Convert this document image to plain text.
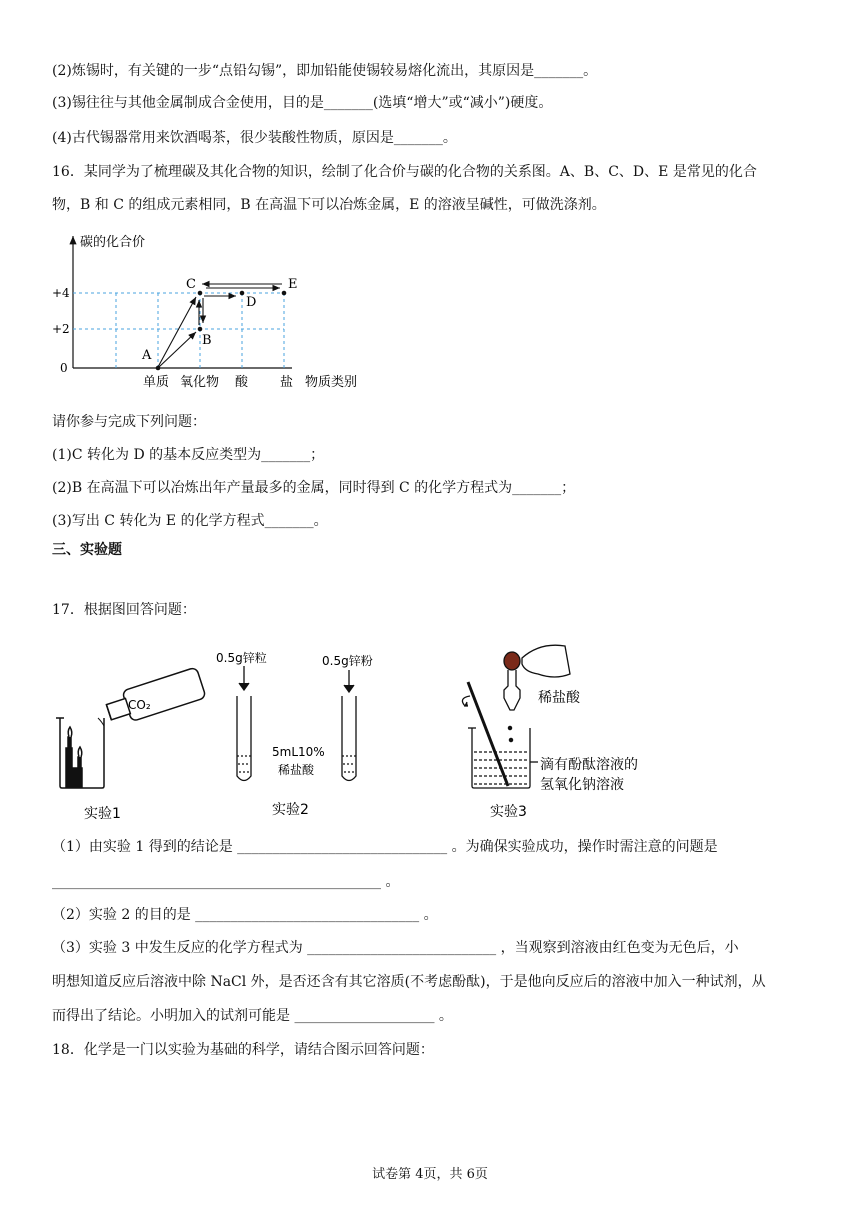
(2)炼锡时，有关键的一步“点铅勾锡”，即加铅能使锡较易熔化流出，其原因是_______。
(3)锡往往与其他金属制成合金使用，目的是_______(选填“增大”或“减小”)硬度。
(4)古代锡器常用来饮酒喝茶，很少装酸性物质，原因是_______。
16．某同学为了梳理碳及其化合物的知识，绘制了化合价与碳的化合物的关系图。A、B、C、D、E 是常见的化合
物，B 和 C 的组成元素相同，B 在高温下可以冶炼金属，E 的溶液呈碱性，可做洗涤剂。
碳的化合价
+4
+2
0
单质 氧化物 酸 盐 物质类别
A
B
C
D
E
请你参与完成下列问题：
(1)C 转化为 D 的基本反应类型为_______；
(2)B 在高温下可以冶炼出年产量最多的金属，同时得到 C 的化学方程式为_______；
(3)写出 C 转化为 E 的化学方程式_______。
三、实验题
17．根据图回答问题：
CO₂
实验1
0.5g锌粒	0.5g锌粉
5mL10%
稀盐酸
实验2
稀盐酸
滴有酚酞溶液的
氢氧化钠溶液
实验3
（1）由实验 1 得到的结论是 ______________________________ 。为确保实验成功，操作时需注意的问题是
_______________________________________________ 。
（2）实验 2 的目的是 ________________________________ 。
（3）实验 3 中发生反应的化学方程式为 ___________________________ ，当观察到溶液由红色变为无色后，小
明想知道反应后溶液中除 NaCl 外，是否还含有其它溶质(不考虑酚酞)，于是他向反应后的溶液中加入一种试剂，从
而得出了结论。小明加入的试剂可能是 ____________________ 。
18．化学是一门以实验为基础的科学，请结合图示回答问题：
试卷第 4页，共 6页
